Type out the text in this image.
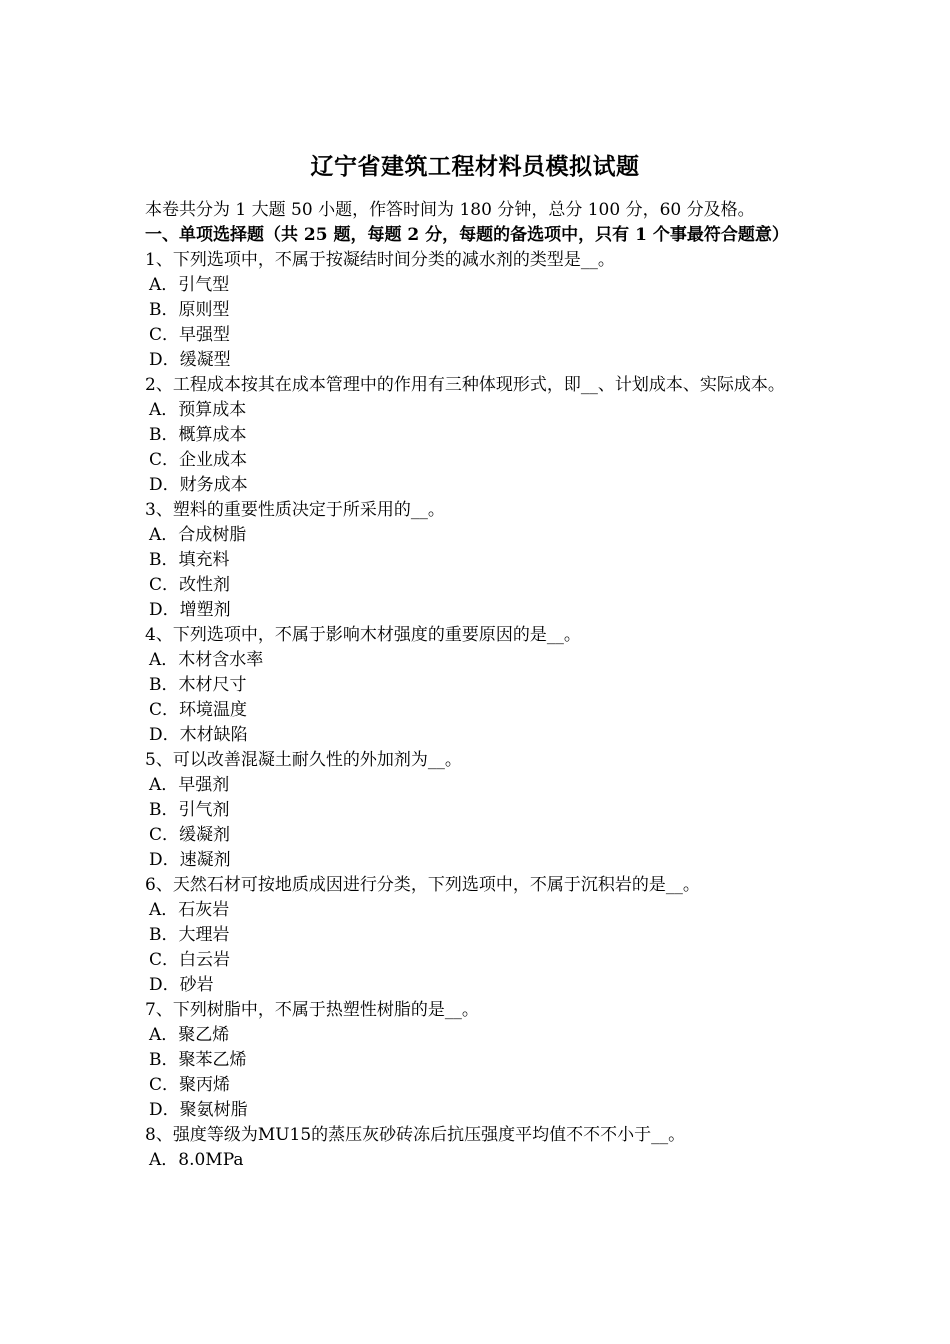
辽宁省建筑工程材料员模拟试题
本卷共分为 1 大题 50 小题，作答时间为 180 分钟，总分 100 分，60 分及格。
一、单项选择题（共 25 题，每题 2 分，每题的备选项中，只有 1 个事最符合题意）
1、下列选项中，不属于按凝结时间分类的减水剂的类型是__。
A．引气型
B．原则型
C．早强型
D．缓凝型
2、工程成本按其在成本管理中的作用有三种体现形式，即__、计划成本、实际成本。
A．预算成本
B．概算成本
C．企业成本
D．财务成本
3、塑料的重要性质决定于所采用的__。
A．合成树脂
B．填充料
C．改性剂
D．增塑剂
4、下列选项中，不属于影响木材强度的重要原因的是__。
A．木材含水率
B．木材尺寸
C．环境温度
D．木材缺陷
5、可以改善混凝土耐久性的外加剂为__。
A．早强剂
B．引气剂
C．缓凝剂
D．速凝剂
6、天然石材可按地质成因进行分类，下列选项中，不属于沉积岩的是__。
A．石灰岩
B．大理岩
C．白云岩
D．砂岩
7、下列树脂中，不属于热塑性树脂的是__。
A．聚乙烯
B．聚苯乙烯
C．聚丙烯
D．聚氨树脂
8、强度等级为MU15的蒸压灰砂砖冻后抗压强度平均值不不不小于__。
A．8.0MPa
